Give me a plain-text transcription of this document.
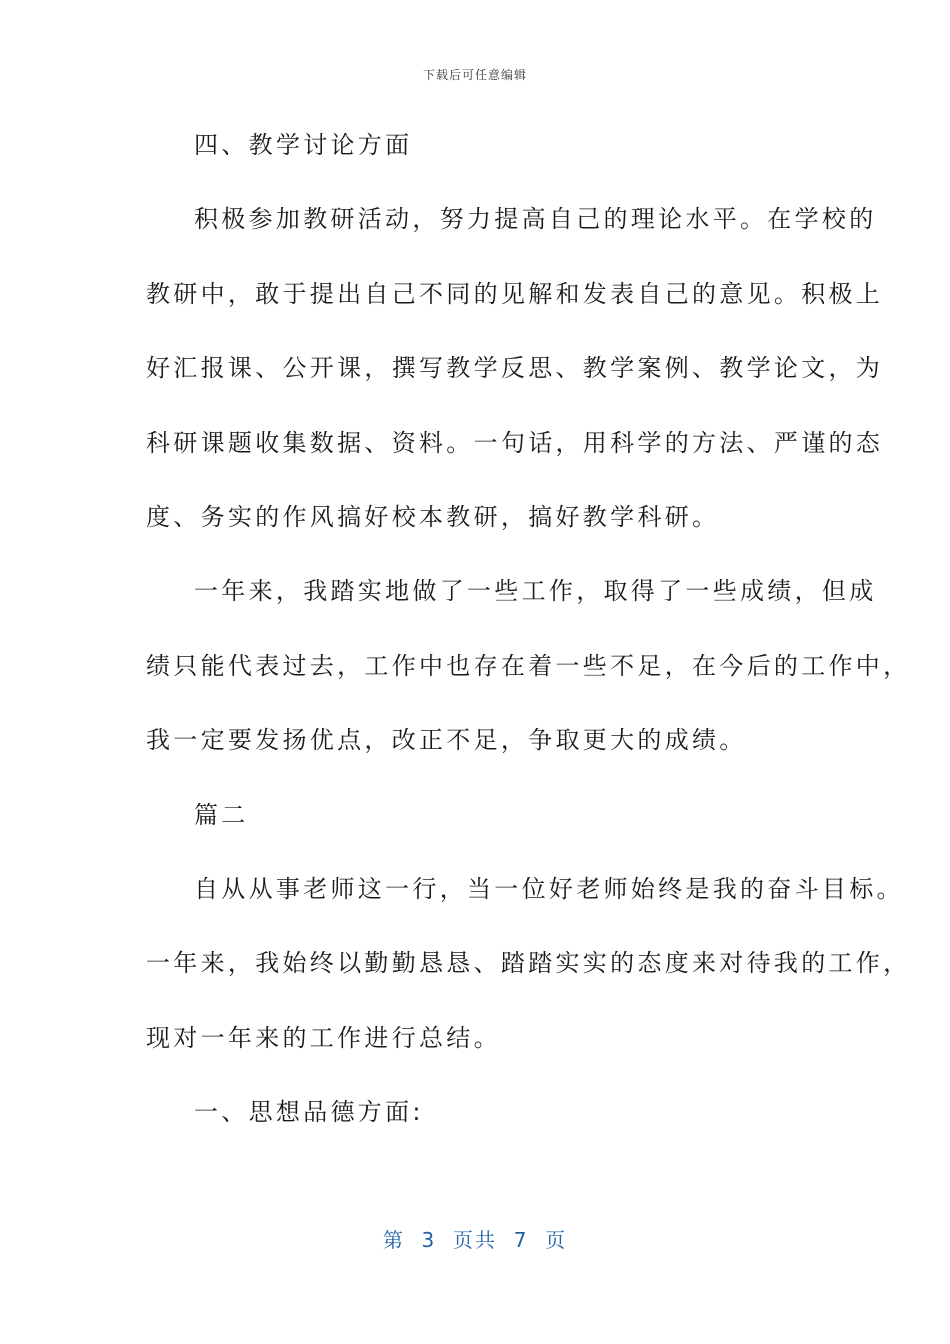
下载后可任意编辑
四、教学讨论方面
积极参加教研活动，努力提高自己的理论水平。在学校的
教研中，敢于提出自己不同的见解和发表自己的意见。积极上
好汇报课、公开课，撰写教学反思、教学案例、教学论文，为
科研课题收集数据、资料。一句话，用科学的方法、严谨的态
度、务实的作风搞好校本教研，搞好教学科研。
一年来，我踏实地做了一些工作，取得了一些成绩，但成
绩只能代表过去，工作中也存在着一些不足，在今后的工作中，
我一定要发扬优点，改正不足，争取更大的成绩。
篇二
自从从事老师这一行，当一位好老师始终是我的奋斗目标。
一年来，我始终以勤勤恳恳、踏踏实实的态度来对待我的工作，
现对一年来的工作进行总结。
一、思想品德方面:
第  3  页共  7  页
